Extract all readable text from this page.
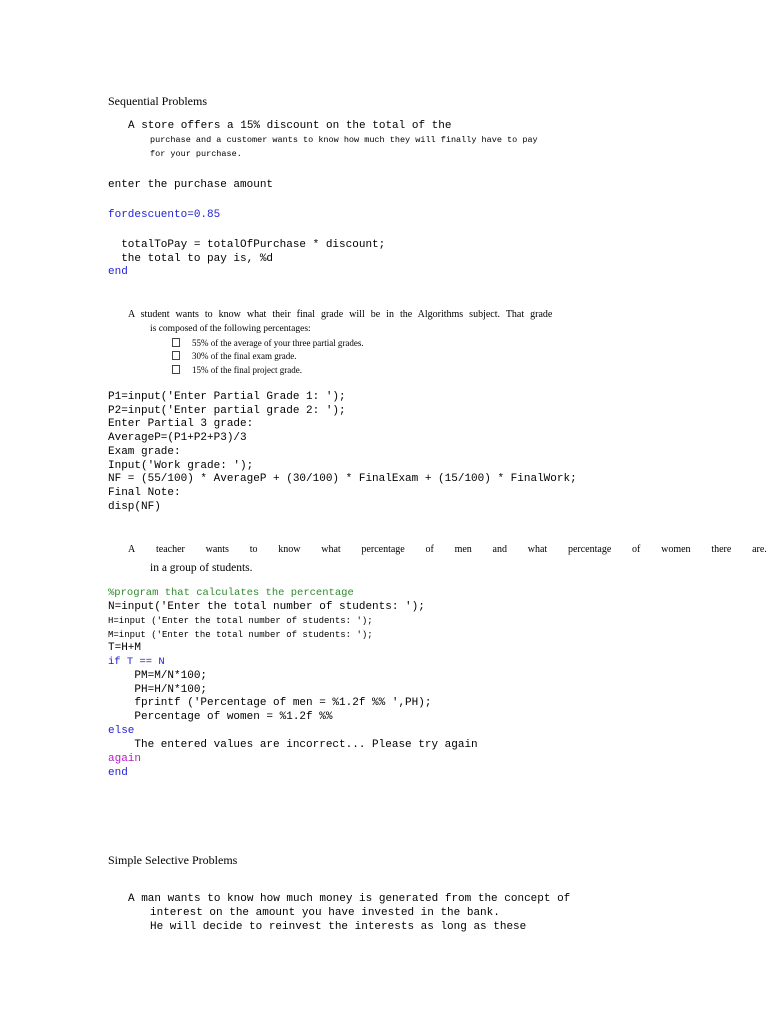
Sequential Problems
A store offers a 15% discount on the total of the
purchase and a customer wants to know how much they will finally have to pay
for your purchase.
enter the purchase amount
fordescuento=0.85
totalToPay = totalOfPurchase * discount;
the total to pay is, %d
end
A student wants to know what their final grade will be in the Algorithms subject. That grade
is composed of the following percentages:
55% of the average of your three partial grades.
30% of the final exam grade.
15% of the final project grade.
P1=input('Enter Partial Grade 1: ');
P2=input('Enter partial grade 2: ');
Enter Partial 3 grade:
AverageP=(P1+P2+P3)/3
Exam grade:
Input('Work grade: ');
NF = (55/100) * AverageP + (30/100) * FinalExam + (15/100) * FinalWork;
Final Note:
disp(NF)
A teacher wants to know what percentage of men and what percentage of women there are.
in a group of students.
%program that calculates the percentage
N=input('Enter the total number of students: ');
H=input ('Enter the total number of students: ');
M=input ('Enter the total number of students: ');
T=H+M
if T == N
PM=M/N*100;
PH=H/N*100;
fprintf ('Percentage of men = %1.2f %% ',PH);
Percentage of women = %1.2f %%
else
The entered values are incorrect... Please try again
again
end
Simple Selective Problems
A man wants to know how much money is generated from the concept of
interest on the amount you have invested in the bank.
He will decide to reinvest the interests as long as these
